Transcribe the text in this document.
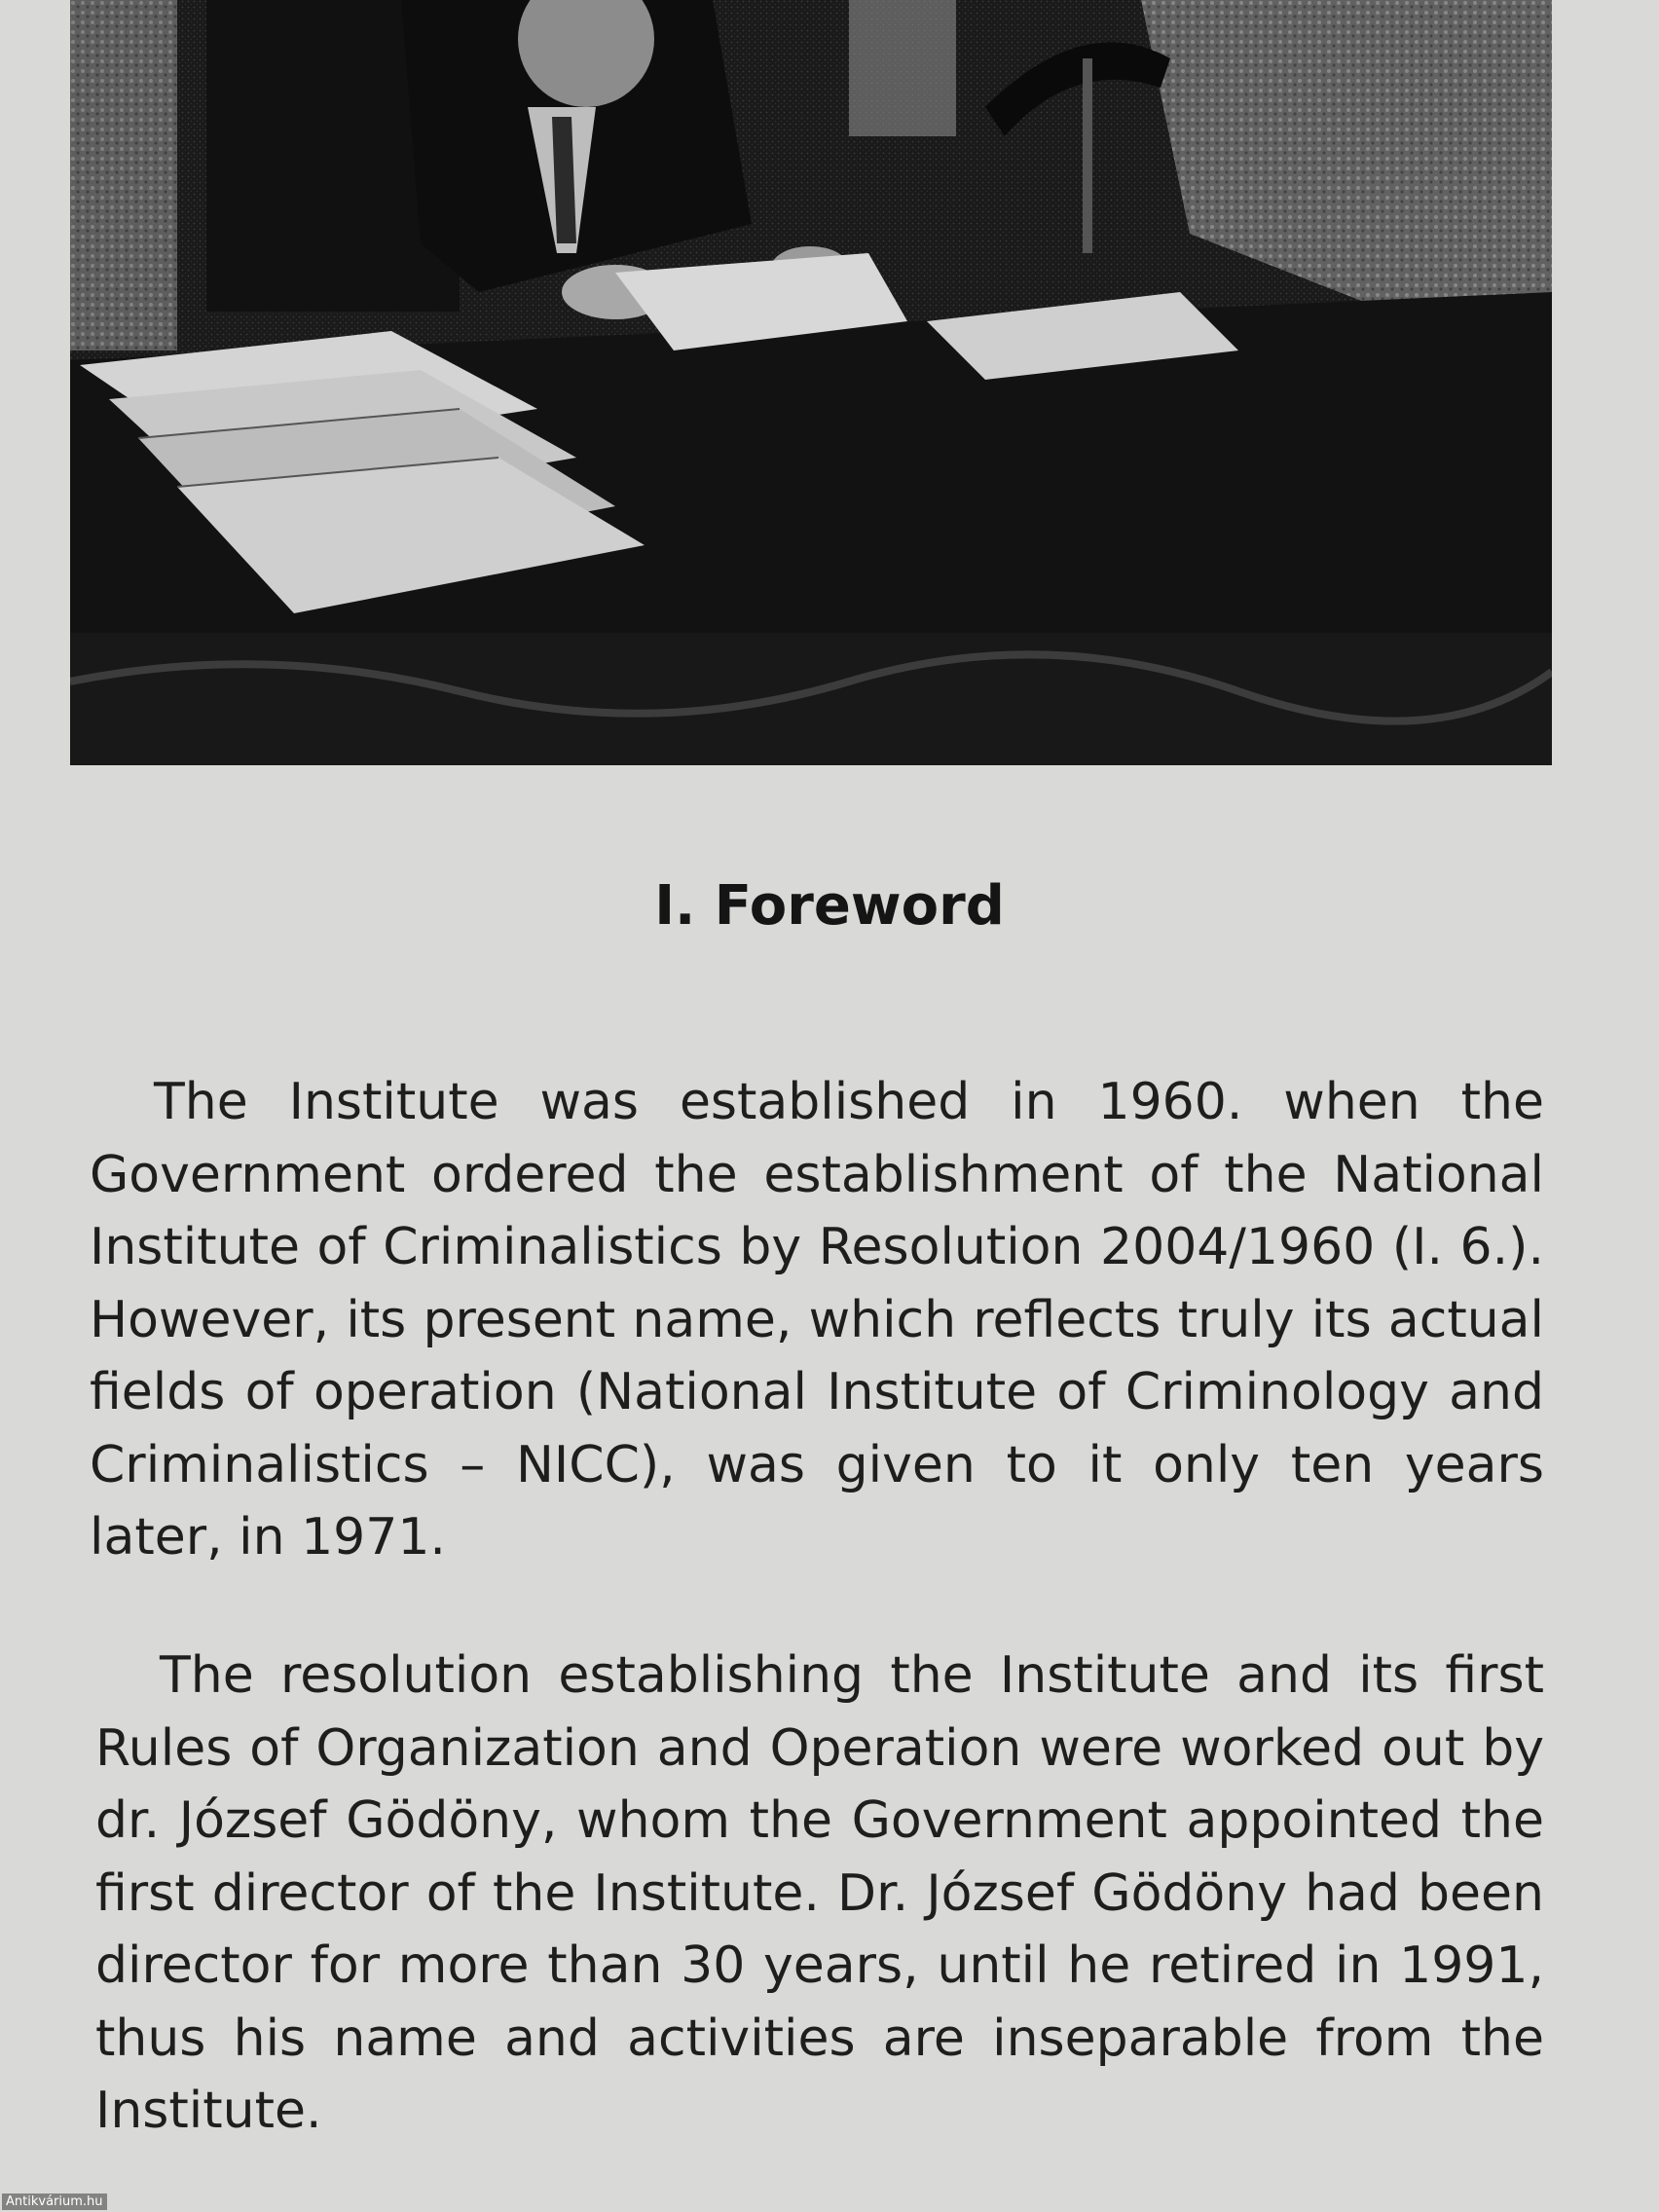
I. Foreword

The Institute was established in 1960. when the Government ordered the establishment of the National Institute of Criminalistics by Resolution 2004/1960 (I. 6.). However, its present name, which reflects truly its actual fields of operation (National Institute of Criminology and Criminalistics – NICC), was given to it only ten years later, in 1971.

The resolution establishing the Institute and its first Rules of Organization and Operation were worked out by dr. József Gödöny, whom the Government appointed the first director of the Institute. Dr. József Gödöny had been director for more than 30 years, until he retired in 1991, thus his name and activities are inseparable from the Institute.

Antikvárium.hu
